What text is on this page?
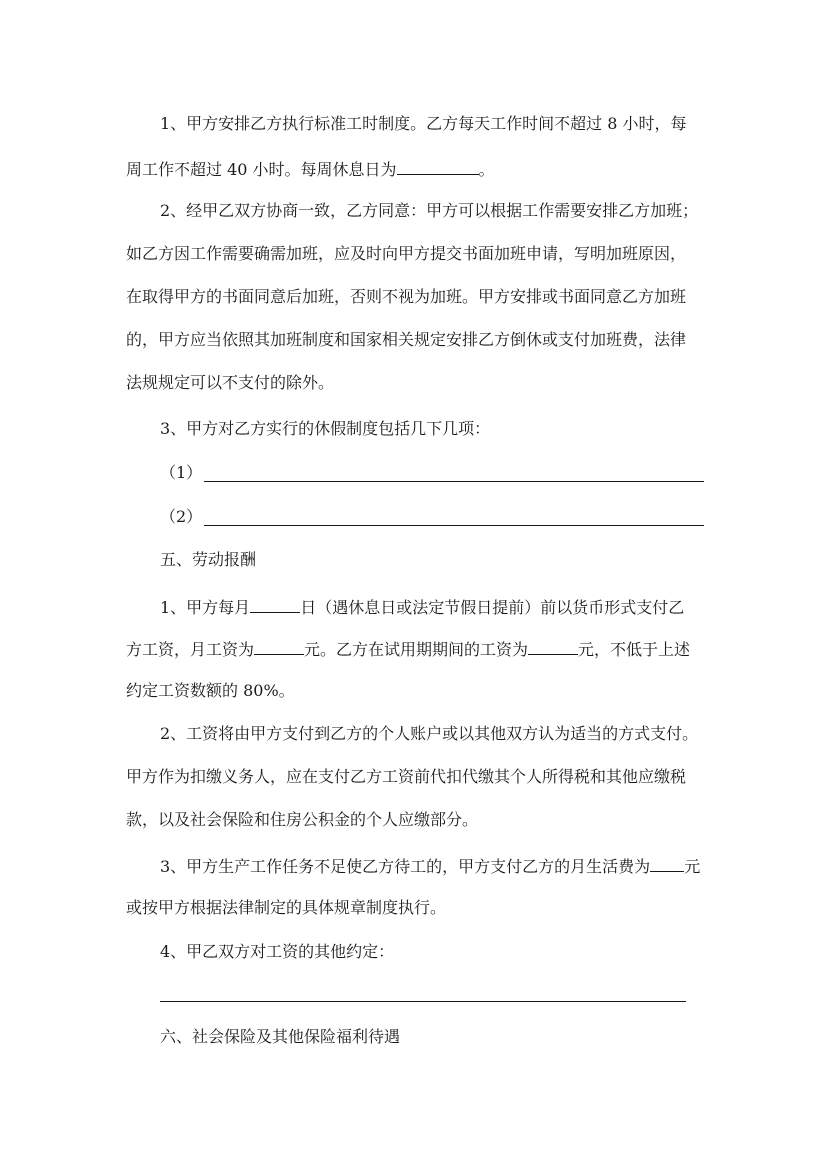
1、甲方安排乙方执行标准工时制度。乙方每天工作时间不超过 8 小时，每
周工作不超过 40 小时。每周休息日为	。
2、经甲乙双方协商一致，乙方同意：甲方可以根据工作需要安排乙方加班；
如乙方因工作需要确需加班，应及时向甲方提交书面加班申请，写明加班原因，
在取得甲方的书面同意后加班，否则不视为加班。甲方安排或书面同意乙方加班
的，甲方应当依照其加班制度和国家相关规定安排乙方倒休或支付加班费，法律
法规规定可以不支付的除外。
3、甲方对乙方实行的休假制度包括几下几项：
（1）
（2）
五、劳动报酬
1、甲方每月	日（遇休息日或法定节假日提前）前以货币形式支付乙
方工资，月工资为	元。乙方在试用期期间的工资为	元，不低于上述
约定工资数额的 80%。
2、工资将由甲方支付到乙方的个人账户或以其他双方认为适当的方式支付。
甲方作为扣缴义务人，应在支付乙方工资前代扣代缴其个人所得税和其他应缴税
款，以及社会保险和住房公积金的个人应缴部分。
3、甲方生产工作任务不足使乙方待工的，甲方支付乙方的月生活费为 元
或按甲方根据法律制定的具体规章制度执行。
4、甲乙双方对工资的其他约定：
六、社会保险及其他保险福利待遇
